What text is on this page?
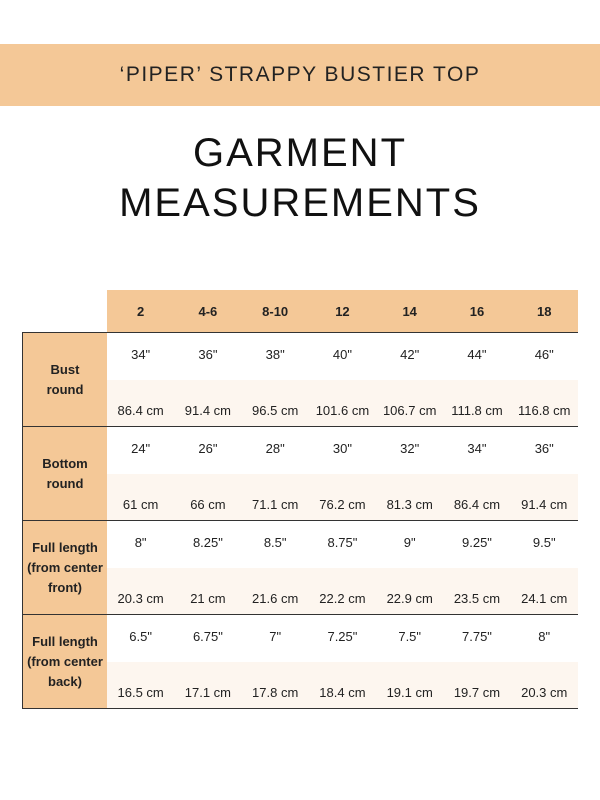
‘PIPER’ STRAPPY BUSTIER TOP
GARMENT
MEASUREMENTS
2	4-6	8-10	12	14	16	18
Bust
round
34"	36"	38"	40"	42"	44"	46"
86.4 cm	91.4 cm	96.5 cm	101.6 cm	106.7 cm	111.8 cm	116.8 cm
Bottom
round
24"	26"	28"	30"	32"	34"	36"
61 cm	66 cm	71.1 cm	76.2 cm	81.3 cm	86.4 cm	91.4 cm
Full length
(from center
front)
8"	8.25"	8.5"	8.75"	9"	9.25"	9.5"
20.3 cm	21 cm	21.6 cm	22.2 cm	22.9 cm	23.5 cm	24.1 cm
Full length
(from center
back)
6.5"	6.75"	7"	7.25"	7.5"	7.75"	8"
16.5 cm	17.1 cm	17.8 cm	18.4 cm	19.1 cm	19.7 cm	20.3 cm
